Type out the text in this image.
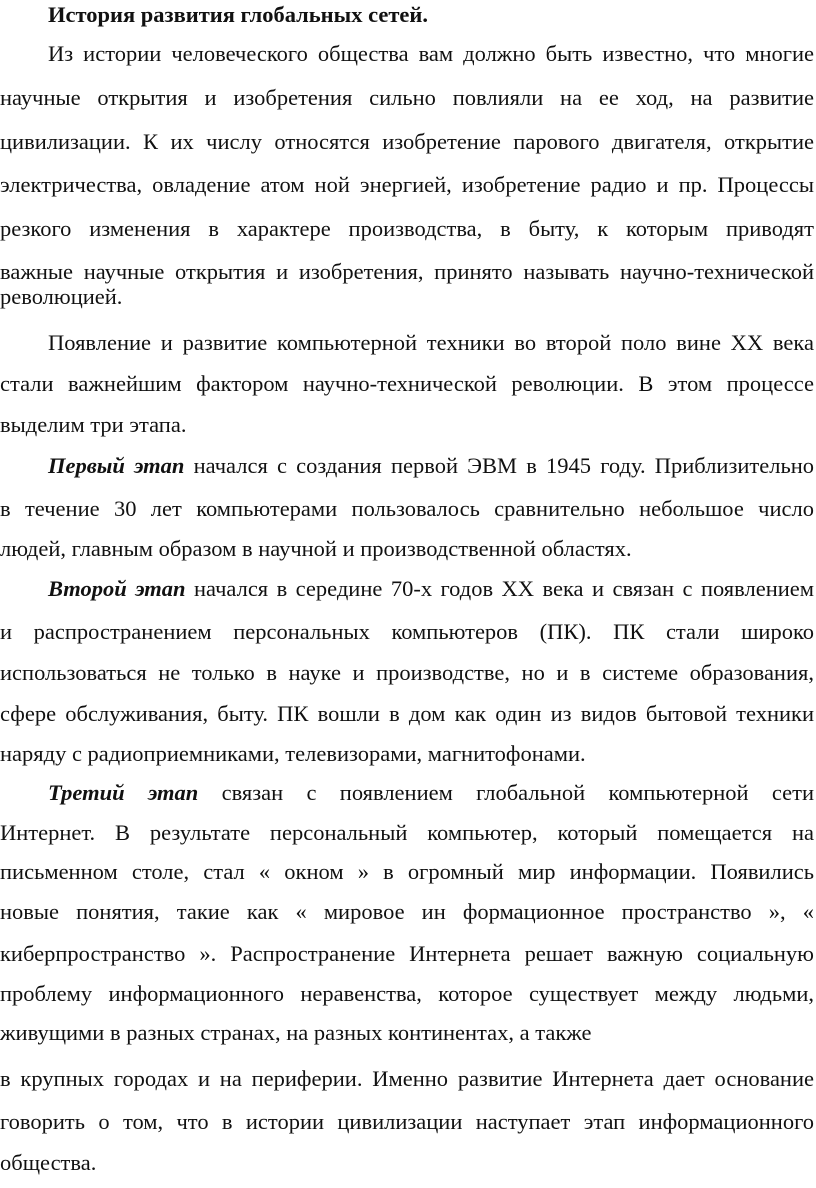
История развития глобальных сетей.
Из истории человеческого общества вам должно быть известно, что многие
научные открытия и изобретения сильно повлияли на ее ход, на развитие
цивилизации. К их числу относятся изобретение парового двигателя, открытие
электричества, овладение атом ной энергией, изобретение радио и пр. Процессы
резкого изменения в характере производства, в быту, к которым приводят
важные научные открытия и изобретения, принято называть научно-технической
революцией.
Появление и развитие компьютерной техники во второй поло вине XX века
стали важнейшим фактором научно-технической революции. В этом процессе
выделим три этапа.
Первый этап начался с создания первой ЭВМ в 1945 году. Приблизительно
в течение 30 лет компьютерами пользовалось сравнительно небольшое число
людей, главным образом в научной и производственной областях.
Второй этап начался в середине 70-х годов XX века и связан с появлением
и распространением персональных компьютеров (ПК). ПК стали широко
использоваться не только в науке и производстве, но и в системе образования,
сфере обслуживания, быту. ПК вошли в дом как один из видов бытовой техники
наряду с радиоприемниками, телевизорами, магнитофонами.
Третий этап связан с появлением глобальной компьютерной сети
Интернет. В результате персональный компьютер, который помещается на
письменном столе, стал « окном » в огромный мир информации. Появились
новые понятия, такие как « мировое ин формационное пространство », «
киберпространство ». Распространение Интернета решает важную социальную
проблему информационного неравенства, которое существует между людьми,
живущими в разных странах, на разных континентах, а также
в крупных городах и на периферии. Именно развитие Интернета дает основание
говорить о том, что в истории цивилизации наступает этап информационного
общества.
